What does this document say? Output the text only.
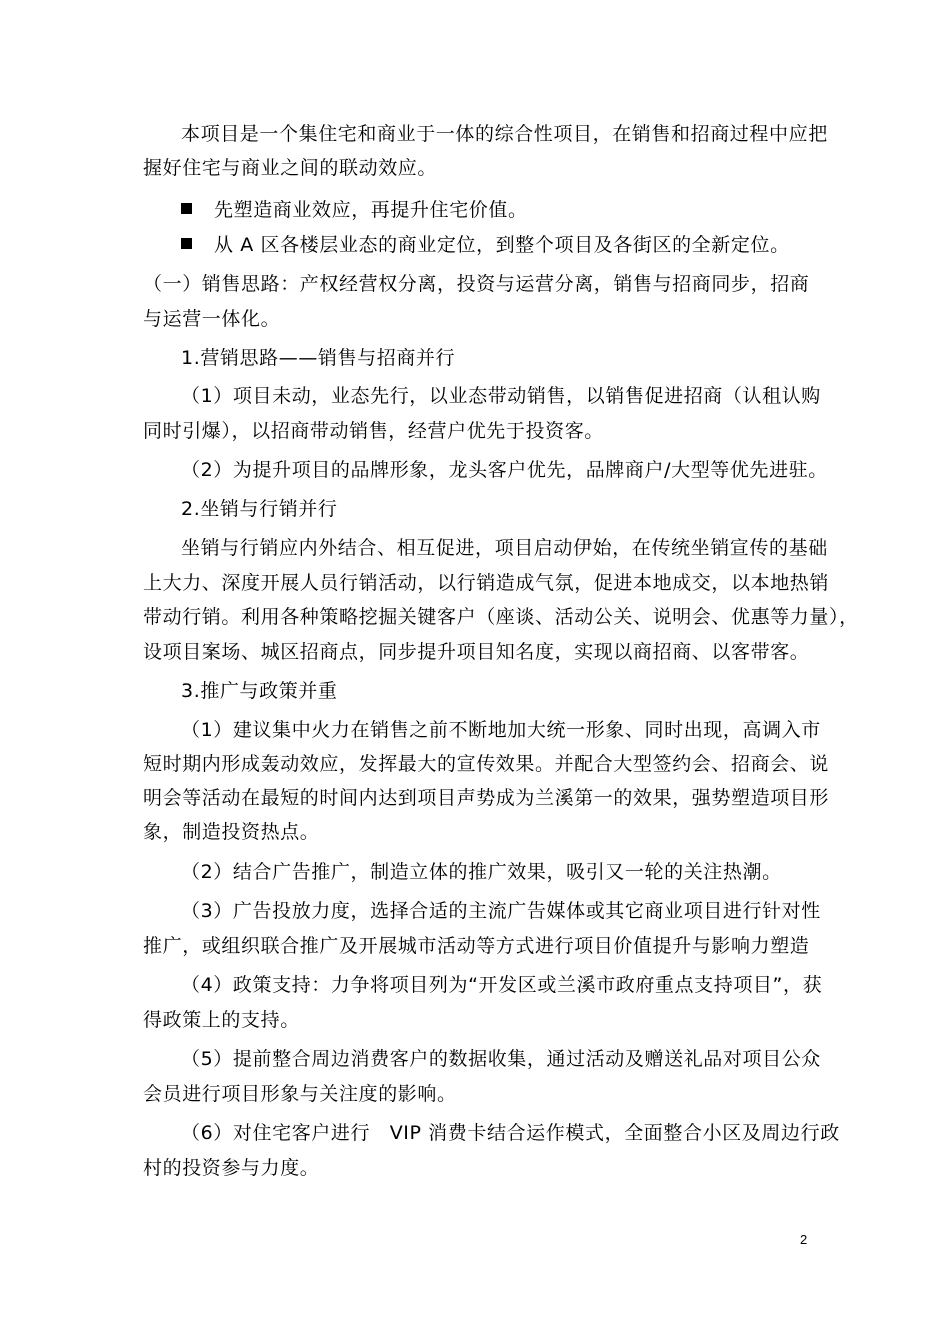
本项目是一个集住宅和商业于一体的综合性项目，在销售和招商过程中应把
握好住宅与商业之间的联动效应。
先塑造商业效应，再提升住宅价值。
从 A 区各楼层业态的商业定位，到整个项目及各街区的全新定位。
（一）销售思路：产权经营权分离，投资与运营分离，销售与招商同步，招商
与运营一体化。
1.营销思路——销售与招商并行
（1）项目未动，业态先行，以业态带动销售，以销售促进招商（认租认购
同时引爆），以招商带动销售，经营户优先于投资客。
（2）为提升项目的品牌形象，龙头客户优先，品牌商户/大型等优先进驻。
2.坐销与行销并行
坐销与行销应内外结合、相互促进，项目启动伊始，在传统坐销宣传的基础
上大力、深度开展人员行销活动，以行销造成气氛，促进本地成交，以本地热销
带动行销。利用各种策略挖掘关键客户（座谈、活动公关、说明会、优惠等力量），
设项目案场、城区招商点，同步提升项目知名度，实现以商招商、以客带客。
3.推广与政策并重
（1）建议集中火力在销售之前不断地加大统一形象、同时出现，高调入市
短时期内形成轰动效应，发挥最大的宣传效果。并配合大型签约会、招商会、说
明会等活动在最短的时间内达到项目声势成为兰溪第一的效果，强势塑造项目形
象，制造投资热点。
（2）结合广告推广，制造立体的推广效果，吸引又一轮的关注热潮。
（3）广告投放力度，选择合适的主流广告媒体或其它商业项目进行针对性
推广，或组织联合推广及开展城市活动等方式进行项目价值提升与影响力塑造
（4）政策支持：力争将项目列为“开发区或兰溪市政府重点支持项目”，获
得政策上的支持。
（5）提前整合周边消费客户的数据收集，通过活动及赠送礼品对项目公众
会员进行项目形象与关注度的影响。
（6）对住宅客户进行　VIP 消费卡结合运作模式，全面整合小区及周边行政
村的投资参与力度。
2
